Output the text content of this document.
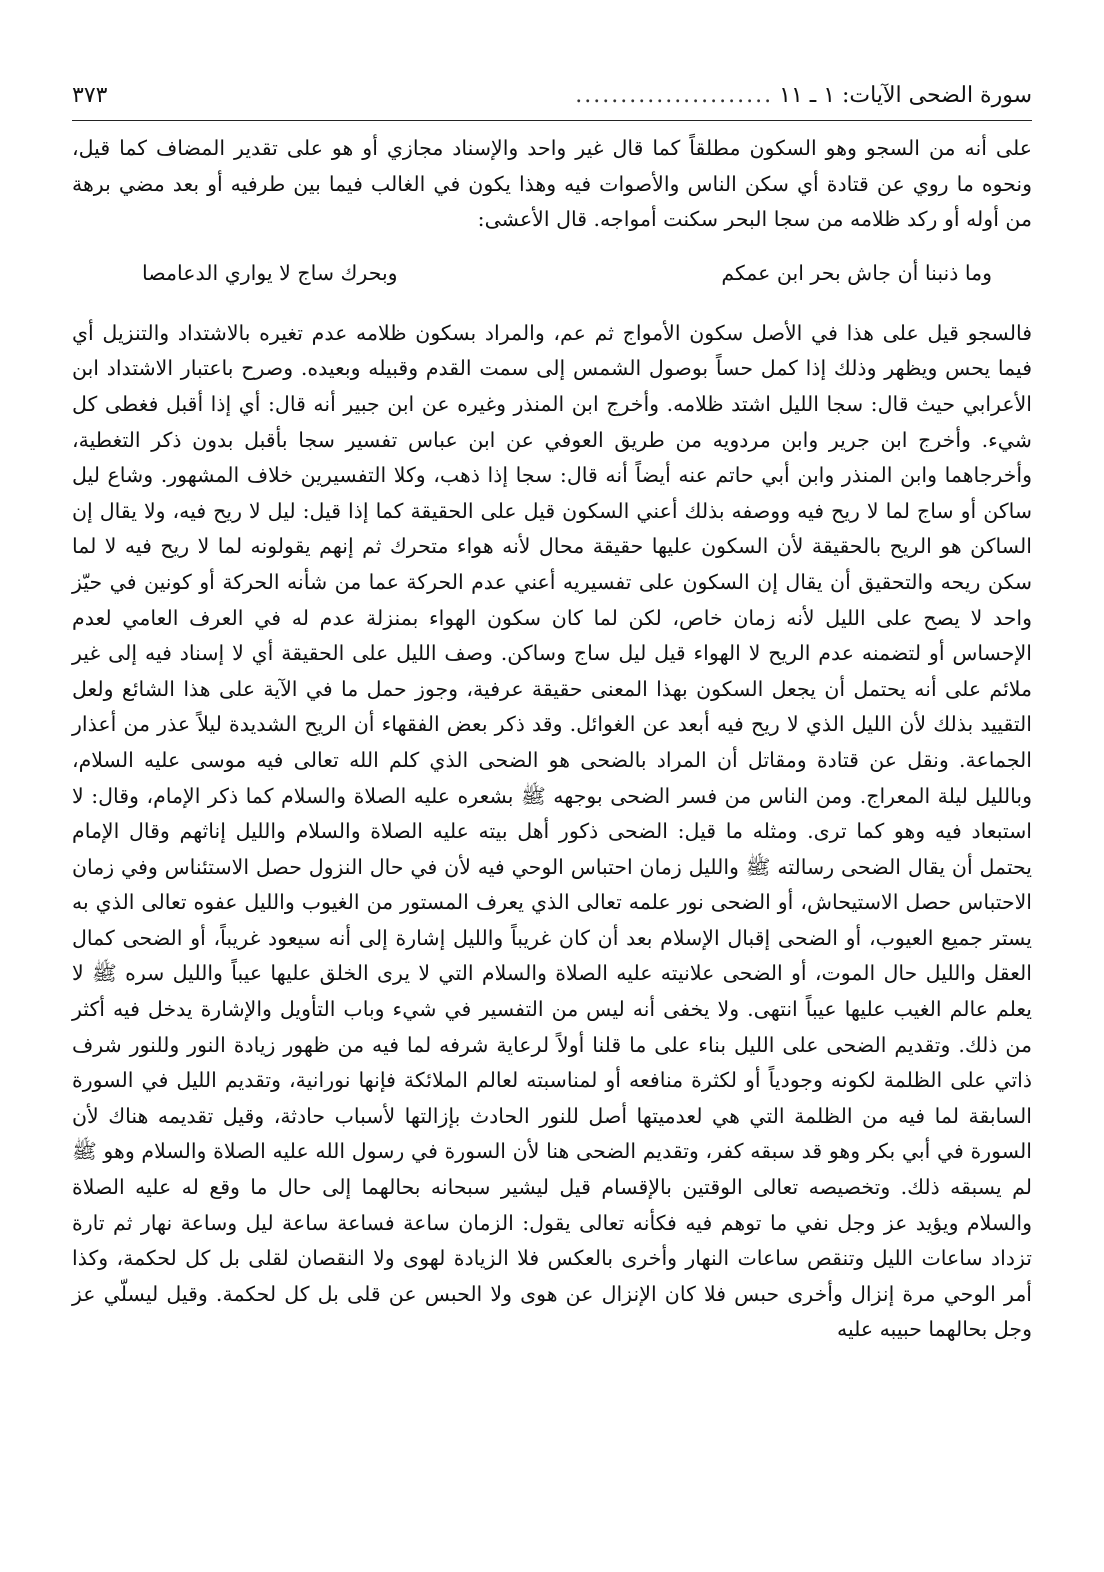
سورة الضحى الآيات: ١ ـ ١١
......................
٣٧٣

على أنه من السجو وهو السكون مطلقاً كما قال غير واحد والإسناد مجازي أو هو على تقدير المضاف كما قيل، ونحوه ما روي عن قتادة أي سكن الناس والأصوات فيه وهذا يكون في الغالب فيما بين طرفيه أو بعد مضي برهة من أوله أو ركد ظلامه من سجا البحر سكنت أمواجه. قال الأعشى:

وما ذنبنا أن جاش بحر ابن عمكم
وبحرك ساج لا يواري الدعامصا

فالسجو قيل على هذا في الأصل سكون الأمواج ثم عم، والمراد بسكون ظلامه عدم تغيره بالاشتداد والتنزيل أي فيما يحس ويظهر وذلك إذا كمل حساً بوصول الشمس إلى سمت القدم وقبيله وبعيده. وصرح باعتبار الاشتداد ابن الأعرابي حيث قال: سجا الليل اشتد ظلامه. وأخرج ابن المنذر وغيره عن ابن جبير أنه قال: أي إذا أقبل فغطى كل شيء. وأخرج ابن جرير وابن مردويه من طريق العوفي عن ابن عباس تفسير سجا بأقبل بدون ذكر التغطية، وأخرجاهما وابن المنذر وابن أبي حاتم عنه أيضاً أنه قال: سجا إذا ذهب، وكلا التفسيرين خلاف المشهور. وشاع ليل ساكن أو ساج لما لا ريح فيه ووصفه بذلك أعني السكون قيل على الحقيقة كما إذا قيل: ليل لا ريح فيه، ولا يقال إن الساكن هو الريح بالحقيقة لأن السكون عليها حقيقة محال لأنه هواء متحرك ثم إنهم يقولونه لما لا ريح فيه لا لما سكن ريحه والتحقيق أن يقال إن السكون على تفسيريه أعني عدم الحركة عما من شأنه الحركة أو كونين في حيّز واحد لا يصح على الليل لأنه زمان خاص، لكن لما كان سكون الهواء بمنزلة عدم له في العرف العامي لعدم الإحساس أو لتضمنه عدم الريح لا الهواء قيل ليل ساج وساكن. وصف الليل على الحقيقة أي لا إسناد فيه إلى غير ملائم على أنه يحتمل أن يجعل السكون بهذا المعنى حقيقة عرفية، وجوز حمل ما في الآية على هذا الشائع ولعل التقييد بذلك لأن الليل الذي لا ريح فيه أبعد عن الغوائل. وقد ذكر بعض الفقهاء أن الريح الشديدة ليلاً عذر من أعذار الجماعة. ونقل عن قتادة ومقاتل أن المراد بالضحى هو الضحى الذي كلم الله تعالى فيه موسى عليه السلام، وبالليل ليلة المعراج. ومن الناس من فسر الضحى بوجهه ﷺ بشعره عليه الصلاة والسلام كما ذكر الإمام، وقال: لا استبعاد فيه وهو كما ترى. ومثله ما قيل: الضحى ذكور أهل بيته عليه الصلاة والسلام والليل إناثهم وقال الإمام يحتمل أن يقال الضحى رسالته ﷺ والليل زمان احتباس الوحي فيه لأن في حال النزول حصل الاستئناس وفي زمان الاحتباس حصل الاستيحاش، أو الضحى نور علمه تعالى الذي يعرف المستور من الغيوب والليل عفوه تعالى الذي به يستر جميع العيوب، أو الضحى إقبال الإسلام بعد أن كان غريباً والليل إشارة إلى أنه سيعود غريباً، أو الضحى كمال العقل والليل حال الموت، أو الضحى علانيته عليه الصلاة والسلام التي لا يرى الخلق عليها عيباً والليل سره ﷺ لا يعلم عالم الغيب عليها عيباً انتهى. ولا يخفى أنه ليس من التفسير في شيء وباب التأويل والإشارة يدخل فيه أكثر من ذلك. وتقديم الضحى على الليل بناء على ما قلنا أولاً لرعاية شرفه لما فيه من ظهور زيادة النور وللنور شرف ذاتي على الظلمة لكونه وجودياً أو لكثرة منافعه أو لمناسبته لعالم الملائكة فإنها نورانية، وتقديم الليل في السورة السابقة لما فيه من الظلمة التي هي لعدميتها أصل للنور الحادث بإزالتها لأسباب حادثة، وقيل تقديمه هناك لأن السورة في أبي بكر وهو قد سبقه كفر، وتقديم الضحى هنا لأن السورة في رسول الله عليه الصلاة والسلام وهو ﷺ لم يسبقه ذلك. وتخصيصه تعالى الوقتين بالإقسام قيل ليشير سبحانه بحالهما إلى حال ما وقع له عليه الصلاة والسلام ويؤيد عز وجل نفي ما توهم فيه فكأنه تعالى يقول: الزمان ساعة فساعة ساعة ليل وساعة نهار ثم تارة تزداد ساعات الليل وتنقص ساعات النهار وأخرى بالعكس فلا الزيادة لهوى ولا النقصان لقلى بل كل لحكمة، وكذا أمر الوحي مرة إنزال وأخرى حبس فلا كان الإنزال عن هوى ولا الحبس عن قلى بل كل لحكمة. وقيل ليسلّي عز وجل بحالهما حبيبه عليه
